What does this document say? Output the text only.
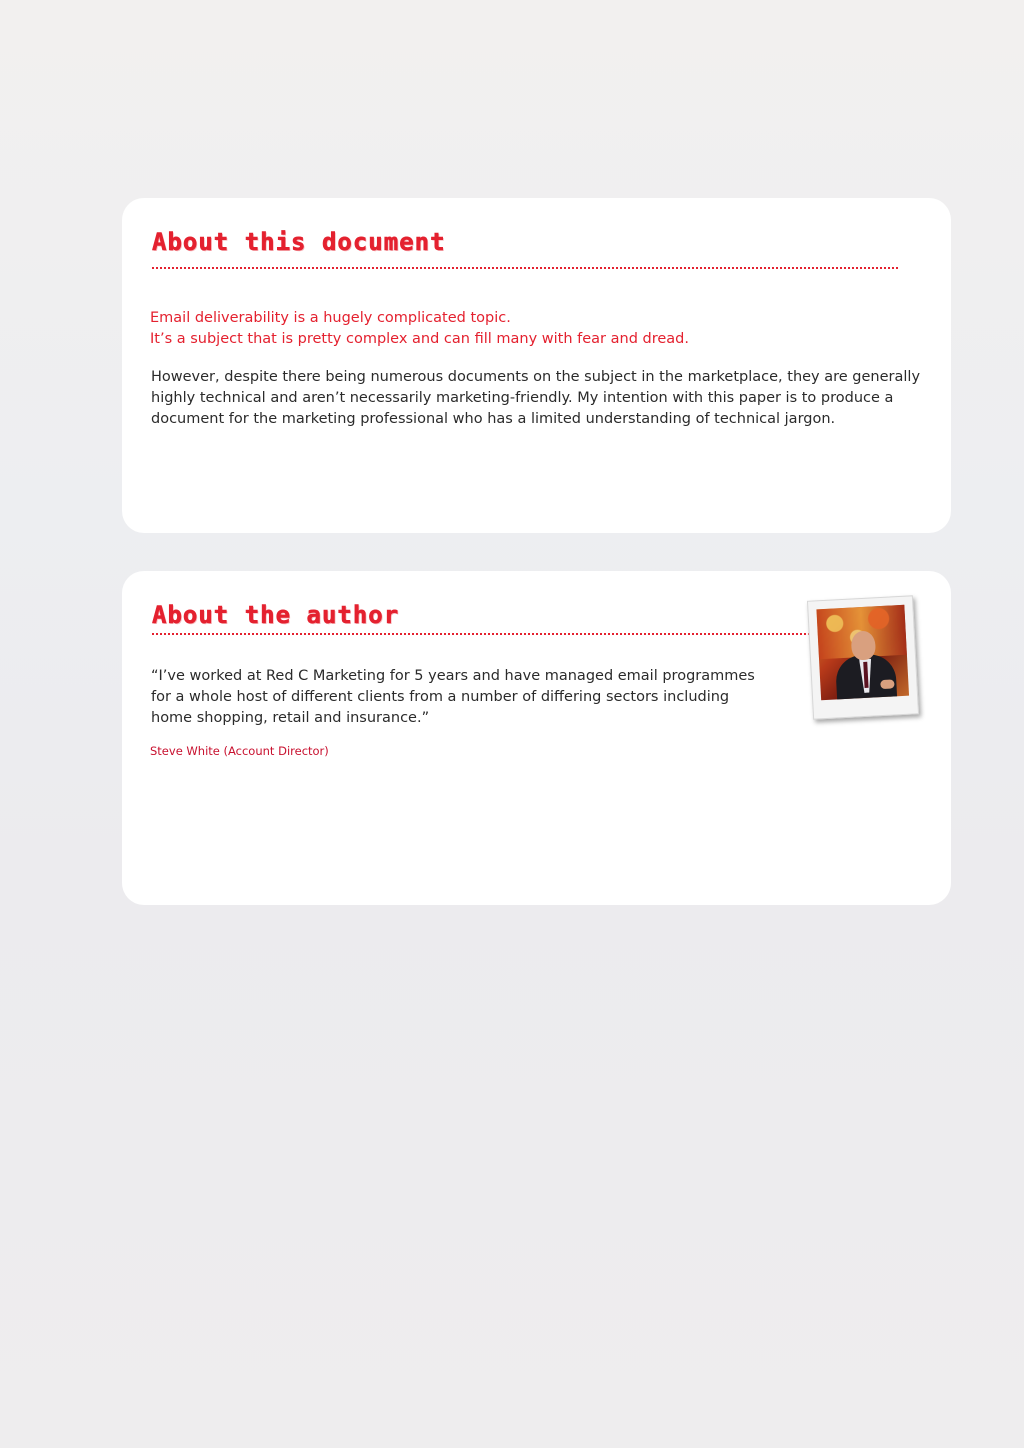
About this document

Email deliverability is a hugely complicated topic.
It’s a subject that is pretty complex and can fill many with fear and dread.

However, despite there being numerous documents on the subject in the marketplace, they are generally highly technical and aren’t necessarily marketing-friendly. My intention with this paper is to produce a document for the marketing professional who has a limited understanding of technical jargon.

About the author

“I’ve worked at Red C Marketing for 5 years and have managed email programmes for a whole host of different clients from a number of differing sectors including home shopping, retail and insurance.”

Steve White (Account Director)
